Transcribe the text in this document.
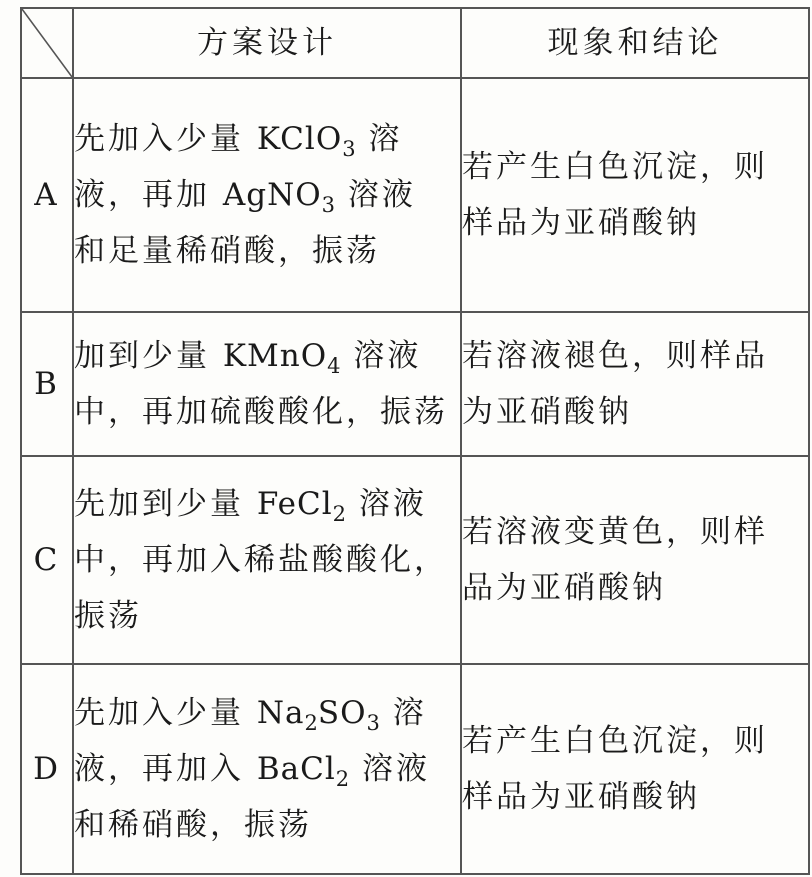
	方案设计	现象和结论
A	先加入少量 KClO$_3$ 溶
液，再加 AgNO$_3$ 溶液
和足量稀硝酸，振荡	若产生白色沉淀，则
样品为亚硝酸钠

B	加到少量 KMnO$_4$ 溶液
中，再加硫酸酸化，振荡	若溶液褪色，则样品
为亚硝酸钠

C	先加到少量 FeCl$_2$ 溶液
中，再加入稀盐酸酸化，
振荡	若溶液变黄色，则样
品为亚硝酸钠

D	先加入少量 $Na_2SO_3$ 溶
液，再加入 BaCl$_2$ 溶液
和稀硝酸，振荡	若产生白色沉淀，则
样品为亚硝酸钠
